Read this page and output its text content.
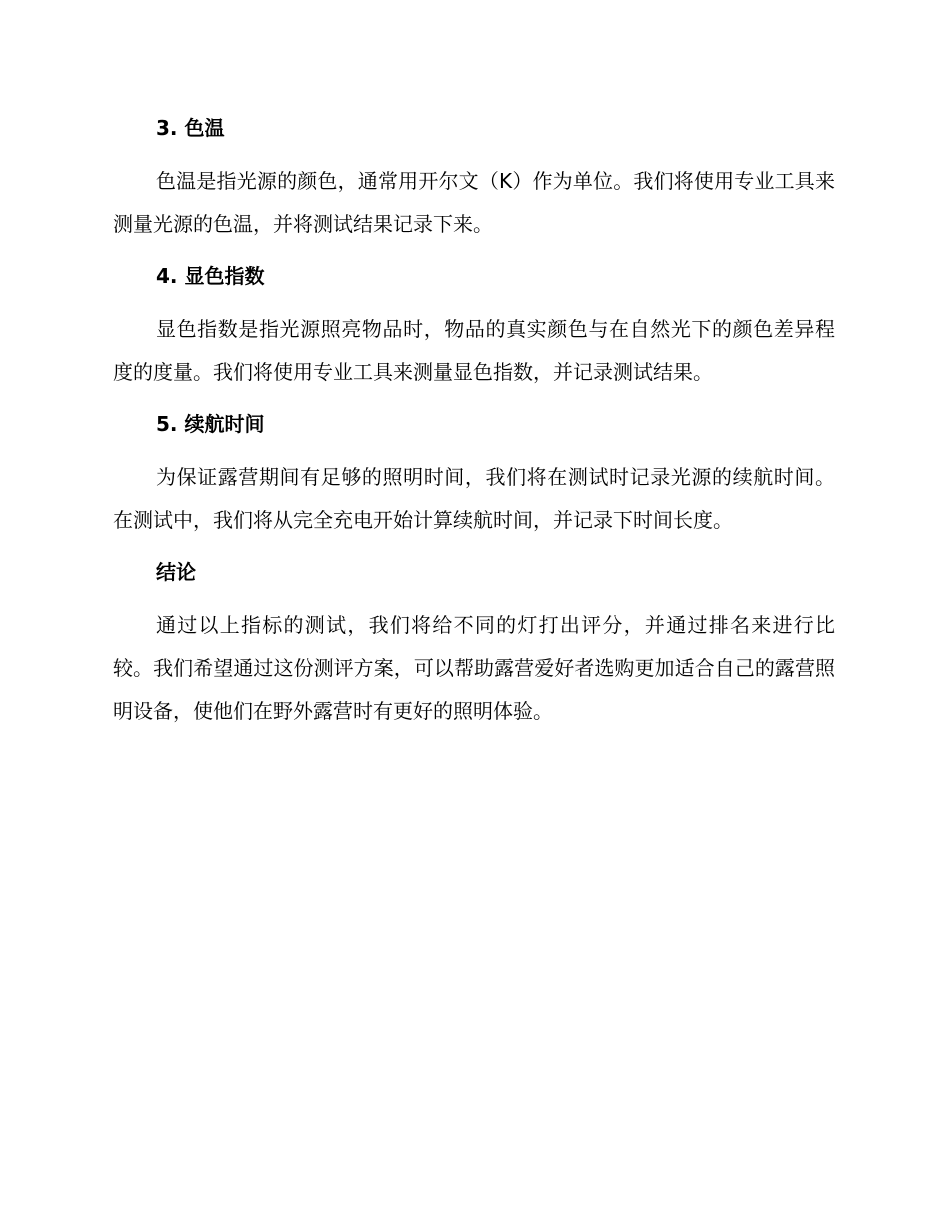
3. 色温

色温是指光源的颜色，通常用开尔文（K）作为单位。我们将使用专业工具来测量光源的色温，并将测试结果记录下来。

4. 显色指数

显色指数是指光源照亮物品时，物品的真实颜色与在自然光下的颜色差异程度的度量。我们将使用专业工具来测量显色指数，并记录测试结果。

5. 续航时间

为保证露营期间有足够的照明时间，我们将在测试时记录光源的续航时间。在测试中，我们将从完全充电开始计算续航时间，并记录下时间长度。

结论

通过以上指标的测试，我们将给不同的灯打出评分，并通过排名来进行比较。我们希望通过这份测评方案，可以帮助露营爱好者选购更加适合自己的露营照明设备，使他们在野外露营时有更好的照明体验。
